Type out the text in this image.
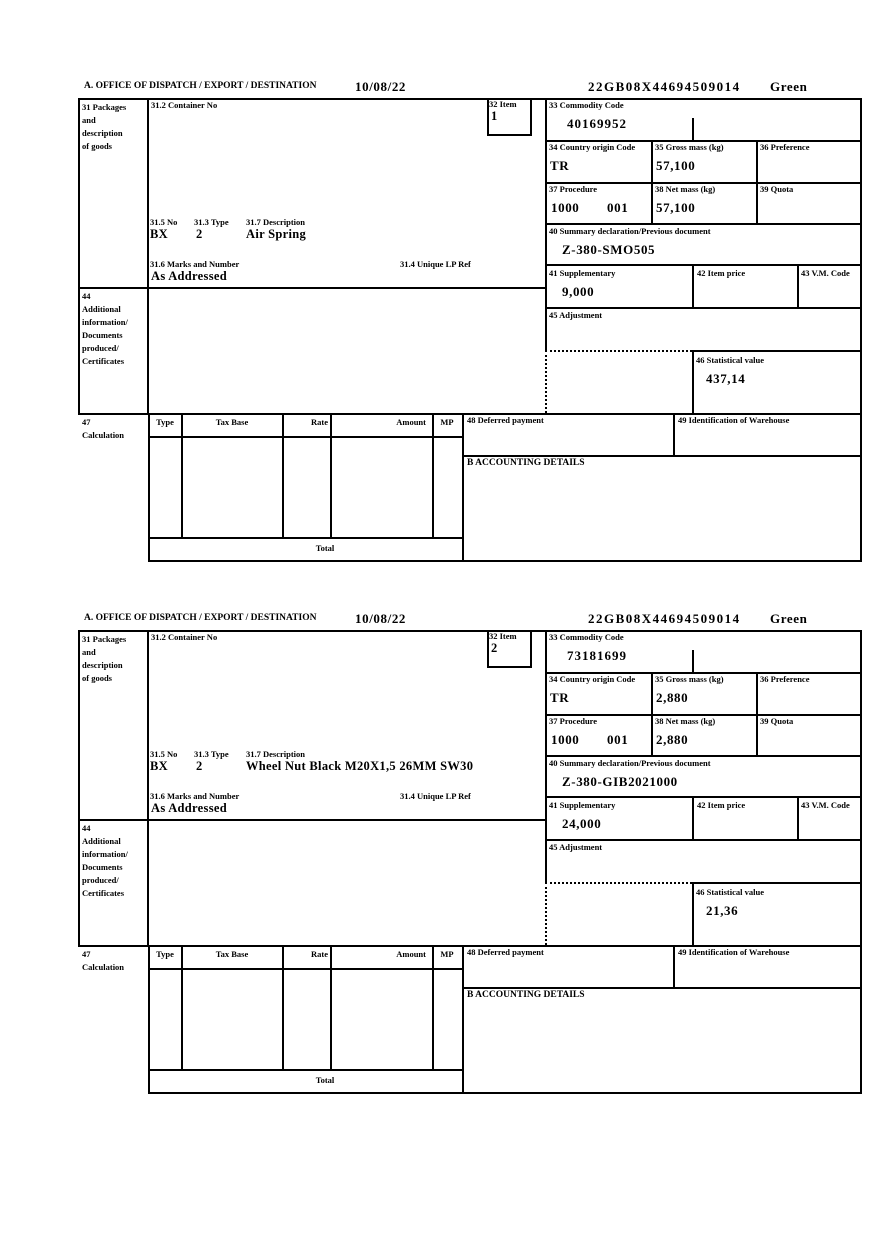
A. OFFICE OF DISPATCH / EXPORT / DESTINATION	10/08/22	22GB08X44694509014 Green
31 Packages
and
description
of goods
44
Additional
information/
Documents
produced/
Certificates
47
Calculation
31.2 Container No	32 Item
1
31.5 No 31.3 Type 31.7 Description
BX 2	Air Spring
31.6 Marks and Number	31.4 Unique LP Ref
As Addressed
33 Commodity Code
40169952
34 Country origin Code
TR
35 Gross mass (kg)
57,100
36 Preference
37 Procedure
1000 001
38 Net mass (kg)
57,100
39 Quota
40 Summary declaration/Previous document
Z-380-SMO505
41 Supplementary
9,000
42 Item price	43 V.M. Code
45 Adjustment
46 Statistical value
437,14
Type	Tax Base	Rate	Amount	MP	48 Deferred payment	49 Identification of Warehouse
B ACCOUNTING DETAILS
Total
A. OFFICE OF DISPATCH / EXPORT / DESTINATION	10/08/22	22GB08X44694509014 Green
31 Packages
and
description
of goods
44
Additional
information/
Documents
produced/
Certificates
47
Calculation
31.2 Container No	32 Item
2
31.5 No 31.3 Type 31.7 Description
BX 2	Wheel Nut Black M20X1,5 26MM SW30
31.6 Marks and Number	31.4 Unique LP Ref
As Addressed
33 Commodity Code
73181699
34 Country origin Code
TR
35 Gross mass (kg)
2,880
36 Preference
37 Procedure
1000 001
38 Net mass (kg)
2,880
39 Quota
40 Summary declaration/Previous document
Z-380-GIB2021000
41 Supplementary
24,000
42 Item price	43 V.M. Code
45 Adjustment
46 Statistical value
21,36
Type	Tax Base	Rate	Amount	MP	48 Deferred payment	49 Identification of Warehouse
B ACCOUNTING DETAILS
Total
